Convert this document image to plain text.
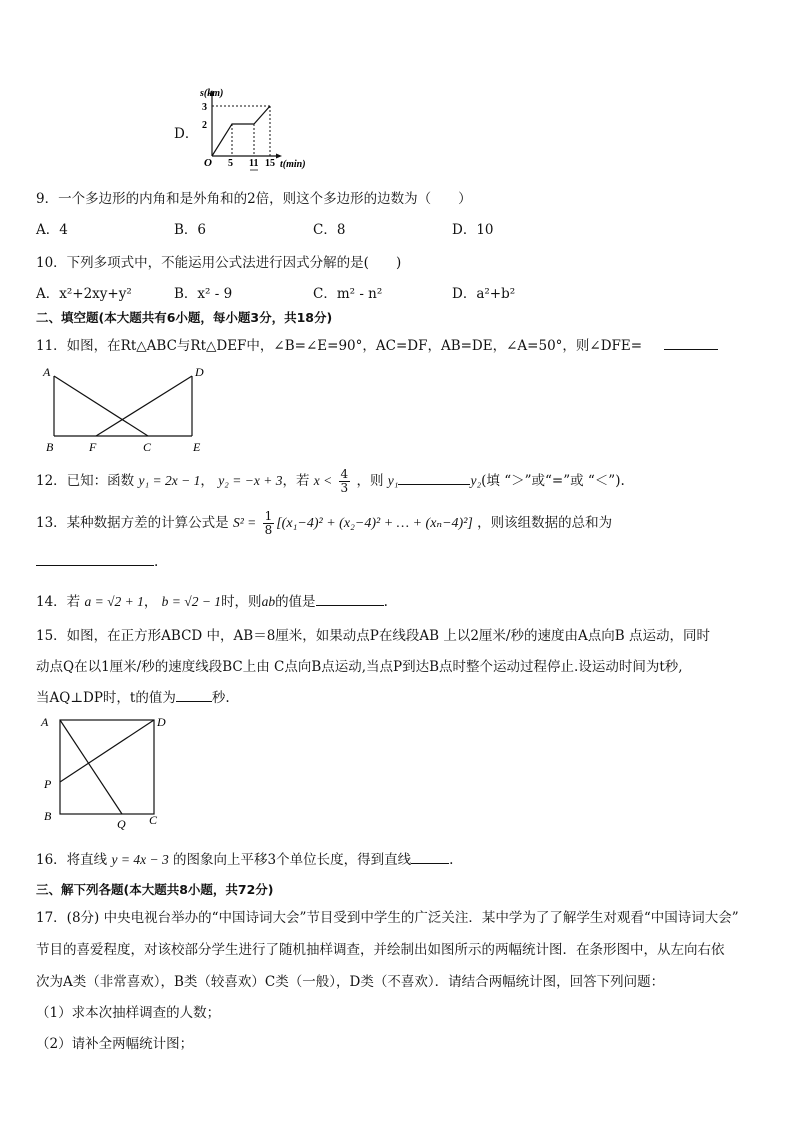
D．
s(km)
3
2
O 5 11 15 t(min)
9．一个多边形的内角和是外角和的2倍，则这个多边形的边数为（　　）
A．4	B．6	C．8	D．10
10．下列多项式中，不能运用公式法进行因式分解的是(　　)
A．x²+2xy+y²	B．x² - 9	C．m² - n²	D．a²+b²
二、填空题(本大题共有6小题，每小题3分，共18分)
11．如图，在Rt△ABC与Rt△DEF中，∠B=∠E=90°，AC=DF，AB=DE，∠A=50°，则∠DFE=
A	D
B	F	C	E
12．已知：函数 y₁ = 2x − 1， y₂ = −x + 3，若 $x < \frac{4}{3}$ ，则 y₁	y₂(填 “＞”或“=”或 “＜”).
13．某种数据方差的计算公式是 $S^2 = \frac{1}{8} [(x_1-4)^2 + (x_2-4)^2$ + … + (xₙ−4)²] ，则该组数据的总和为
.
14．若 a = √2 + 1， b = √2 − 1时，则ab的值是	.
15．如图，在正方形ABCD 中，AB＝8厘米，如果动点P在线段AB 上以2厘米/秒的速度由A点向B 点运动，同时
动点Q在以1厘米/秒的速度线段BC上由 C点向B点运动,当点P到达B点时整个运动过程停止.设运动时间为t秒,
当AQ⊥DP时，t的值为	秒.
A	D
P
B
Q C
16．将直线 y = 4x − 3 的图象向上平移3个单位长度，得到直线	.
三、解下列各题(本大题共8小题，共72分)
17．(8分) 中央电视台举办的“中国诗词大会”节目受到中学生的广泛关注．某中学为了了解学生对观看“中国诗词大会”
节目的喜爱程度，对该校部分学生进行了随机抽样调查，并绘制出如图所示的两幅统计图．在条形图中，从左向右依
次为A类（非常喜欢），B类（较喜欢）C类（一般），D类（不喜欢）．请结合两幅统计图，回答下列问题：
（1）求本次抽样调查的人数；
（2）请补全两幅统计图；
